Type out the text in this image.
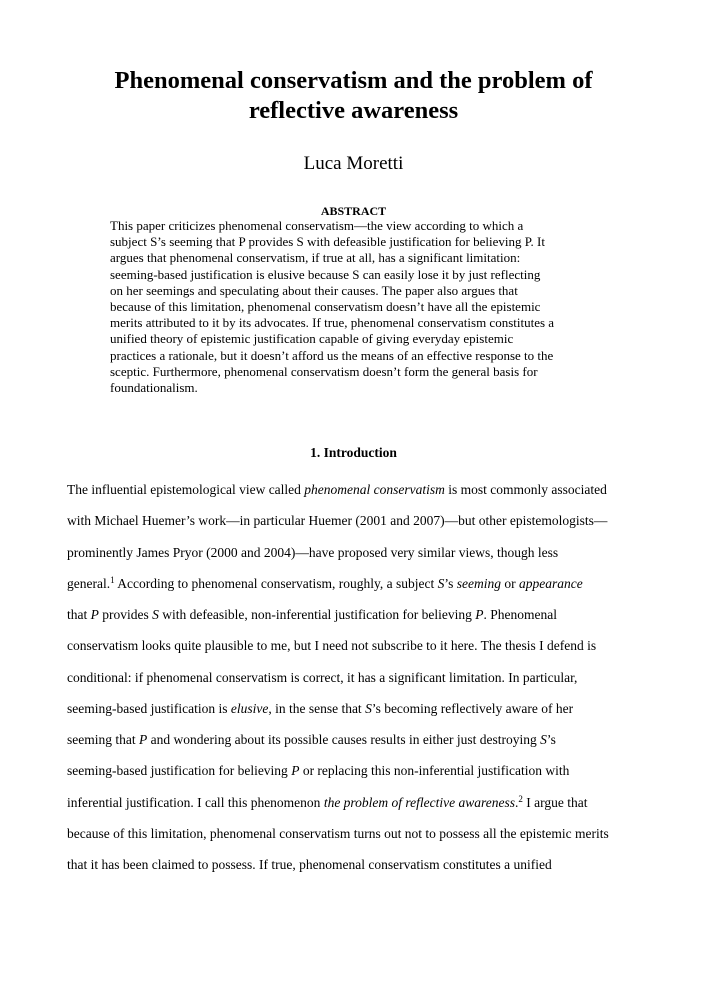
Phenomenal conservatism and the problem of
reflective awareness
Luca Moretti
ABSTRACT
This paper criticizes phenomenal conservatism—the view according to which a
subject S’s seeming that P provides S with defeasible justification for believing P. It
argues that phenomenal conservatism, if true at all, has a significant limitation:
seeming-based justification is elusive because S can easily lose it by just reflecting
on her seemings and speculating about their causes. The paper also argues that
because of this limitation, phenomenal conservatism doesn’t have all the epistemic
merits attributed to it by its advocates. If true, phenomenal conservatism constitutes a
unified theory of epistemic justification capable of giving everyday epistemic
practices a rationale, but it doesn’t afford us the means of an effective response to the
sceptic. Furthermore, phenomenal conservatism doesn’t form the general basis for
foundationalism.
1. Introduction
The influential epistemological view called phenomenal conservatism is most commonly associated
with Michael Huemer’s work—in particular Huemer (2001 and 2007)—but other epistemologists—
prominently James Pryor (2000 and 2004)—have proposed very similar views, though less
general.$^1$ According to phenomenal conservatism, roughly, a subject S’s seeming or appearance
that P provides S with defeasible, non-inferential justification for believing P. Phenomenal
conservatism looks quite plausible to me, but I need not subscribe to it here. The thesis I defend is
conditional: if phenomenal conservatism is correct, it has a significant limitation. In particular,
seeming-based justification is elusive, in the sense that S’s becoming reflectively aware of her
seeming that P and wondering about its possible causes results in either just destroying S’s
seeming-based justification for believing P or replacing this non-inferential justification with
inferential justification. I call this phenomenon the problem of reflective awareness.$^2$ I argue that
because of this limitation, phenomenal conservatism turns out not to possess all the epistemic merits
that it has been claimed to possess. If true, phenomenal conservatism constitutes a unified
